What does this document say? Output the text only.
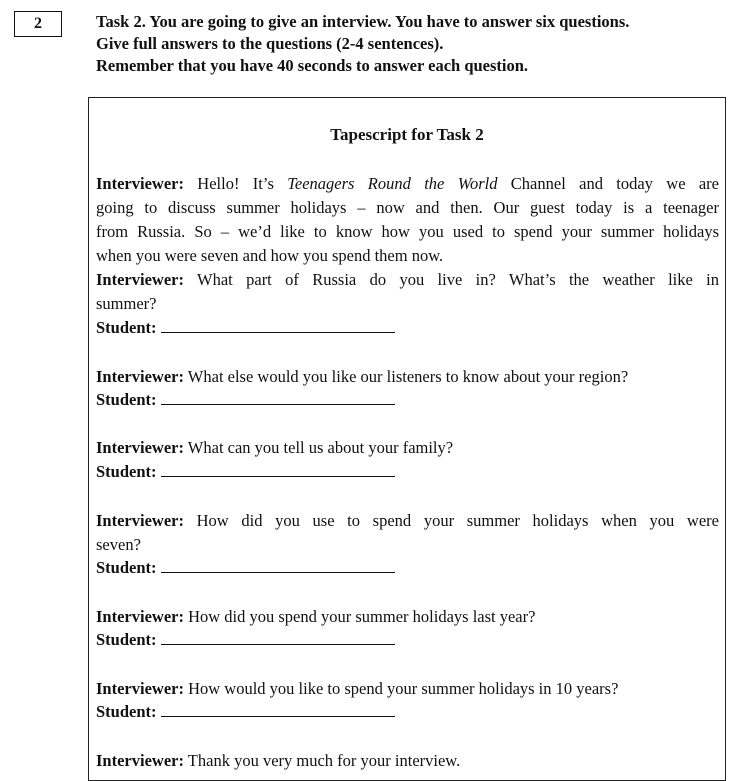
2	Task 2. You are going to give an interview. You have to answer six questions.
Give full answers to the questions (2-4 sentences).
Remember that you have 40 seconds to answer each question.
Tapescript for Task 2
Interviewer: Hello! It’s Teenagers Round the World Channel and today we are
going to discuss summer holidays – now and then. Our guest today is a teenager
from Russia. So – we’d like to know how you used to spend your summer holidays
when you were seven and how you spend them now.
Interviewer: What part of Russia do you live in? What’s the weather like in
summer?
Student:
Interviewer: What else would you like our listeners to know about your region?
Student:
Interviewer: What can you tell us about your family?
Student:
Interviewer: How did you use to spend your summer holidays when you were
seven?
Student:
Interviewer: How did you spend your summer holidays last year?
Student:
Interviewer: How would you like to spend your summer holidays in 10 years?
Student:
Interviewer: Thank you very much for your interview.
